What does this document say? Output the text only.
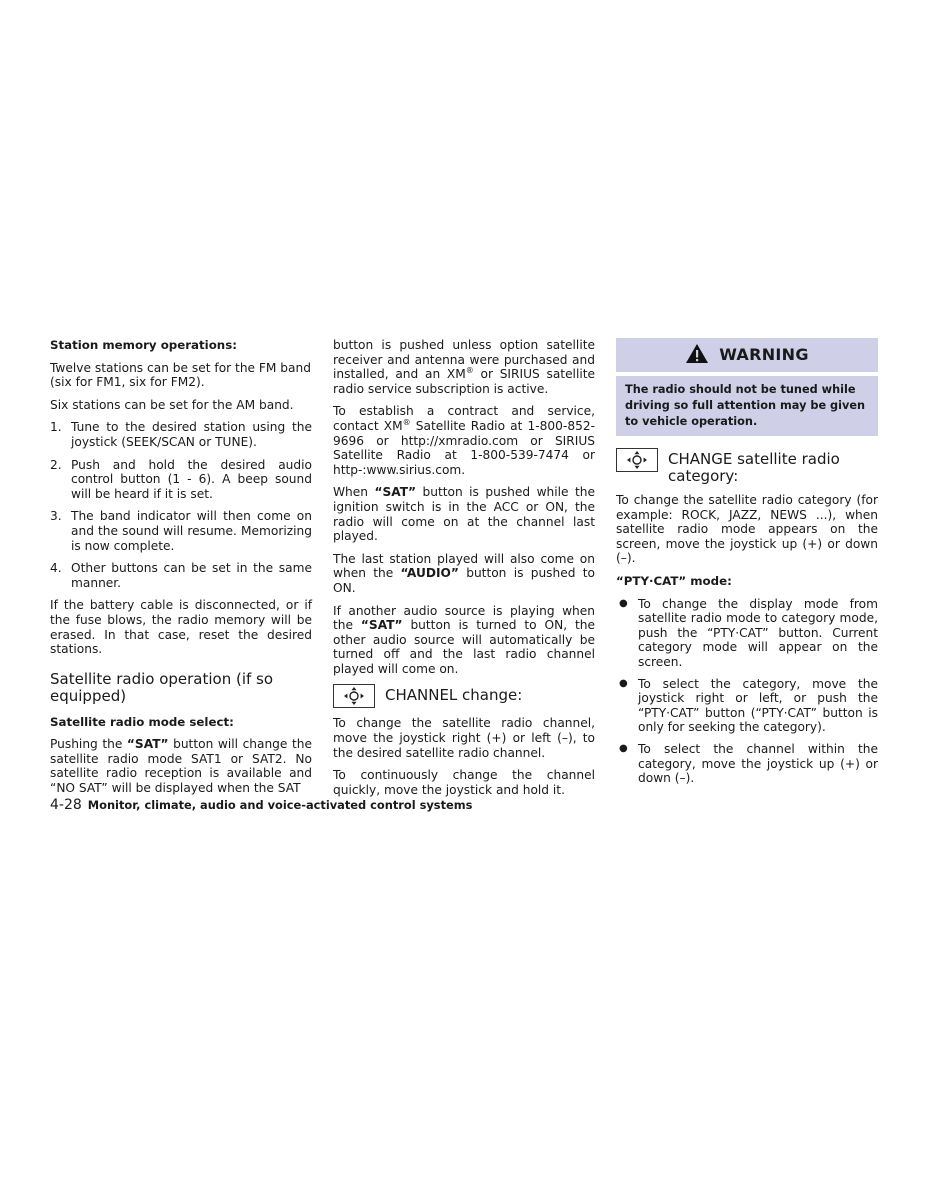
Station memory operations:

Twelve stations can be set for the FM band (six for FM1, six for FM2).

Six stations can be set for the AM band.

1. Tune to the desired station using the joystick (SEEK/SCAN or TUNE).
2. Push and hold the desired audio control button (1 - 6). A beep sound will be heard if it is set.
3. The band indicator will then come on and the sound will resume. Memorizing is now complete.
4. Other buttons can be set in the same manner.

If the battery cable is disconnected, or if the fuse blows, the radio memory will be erased. In that case, reset the desired stations.

Satellite radio operation (if so equipped)
Satellite radio mode select:

Pushing the “SAT” button will change the satellite radio mode SAT1 or SAT2. No satellite radio reception is available and “NO SAT” will be displayed when the SAT

button is pushed unless option satellite receiver and antenna were purchased and installed, and an XM® or SIRIUS satellite radio service subscription is active.

To establish a contract and service, contact XM® Satellite Radio at 1-800-852-9696 or http://xmradio.com or SIRIUS Satellite Radio at 1-800-539-7474 or http-:www.sirius.com.

When “SAT” button is pushed while the ignition switch is in the ACC or ON, the radio will come on at the channel last played.

The last station played will also come on when the “AUDIO” button is pushed to ON.

If another audio source is playing when the “SAT” button is turned to ON, the other audio source will automatically be turned off and the last radio channel played will come on.

CHANNEL change:

To change the satellite radio channel, move the joystick right (+) or left (–), to the desired satellite radio channel.

To continuously change the channel quickly, move the joystick and hold it.

WARNING
The radio should not be tuned while driving so full attention may be given to vehicle operation.
CHANGE satellite radio category:

To change the satellite radio category (for example: ROCK, JAZZ, NEWS ...), when satellite radio mode appears on the screen, move the joystick up (+) or down (–).

“PTY·CAT” mode:
● To change the display mode from satellite radio mode to category mode, push the “PTY·CAT” button. Current category mode will appear on the screen.
● To select the category, move the joystick right or left, or push the “PTY·CAT” button (“PTY·CAT” button is only for seeking the category).
● To select the channel within the category, move the joystick up (+) or down (–).
4-28 Monitor, climate, audio and voice-activated control systems
